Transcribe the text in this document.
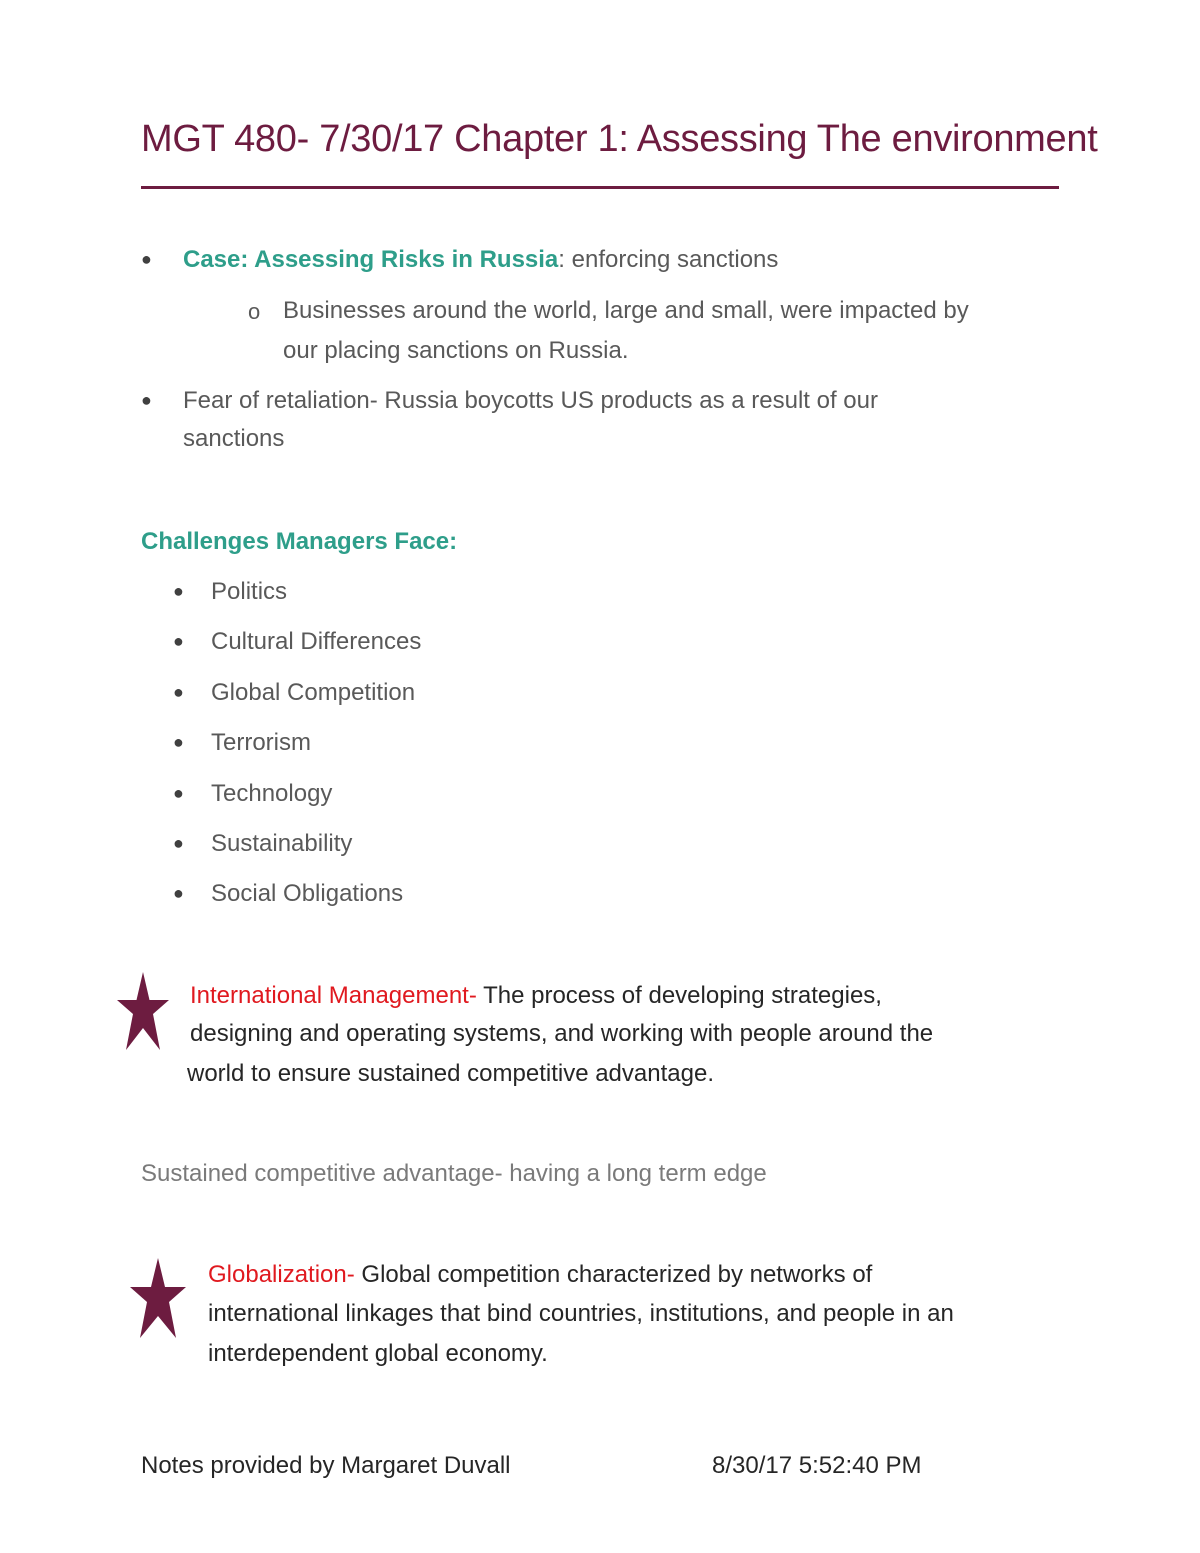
MGT 480- 7/30/17 Chapter 1: Assessing The environment
● Case: Assessing Risks in Russia: enforcing sanctions
o Businesses around the world, large and small, were impacted by
our placing sanctions on Russia.
● Fear of retaliation- Russia boycotts US products as a result of our
sanctions
Challenges Managers Face:
● Politics
● Cultural Differences
● Global Competition
● Terrorism
● Technology
● Sustainability
● Social Obligations
International Management- The process of developing strategies,
designing and operating systems, and working with people around the
world to ensure sustained competitive advantage.
Sustained competitive advantage- having a long term edge
Globalization- Global competition characterized by networks of
international linkages that bind countries, institutions, and people in an
interdependent global economy.
Notes provided by Margaret Duvall	8/30/17 5:52:40 PM
